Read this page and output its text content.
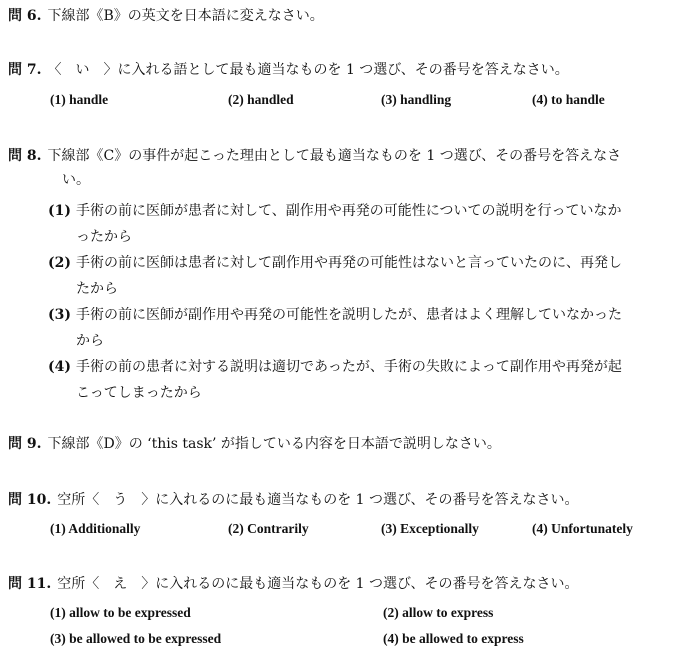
問 6. 下線部《B》の英文を日本語に変えなさい。
問 7. 〈　い　〉に入れる語として最も適当なものを 1 つ選び、その番号を答えなさい。
(1) handle	(2) handled	(3) handling	(4) to handle
問 8. 下線部《C》の事件が起こった理由として最も適当なものを 1 つ選び、その番号を答えなさ
い。
(1) 手術の前に医師が患者に対して、副作用や再発の可能性についての説明を行っていなか
ったから
(2) 手術の前に医師は患者に対して副作用や再発の可能性はないと言っていたのに、再発し
たから
(3) 手術の前に医師が副作用や再発の可能性を説明したが、患者はよく理解していなかった
から
(4) 手術の前の患者に対する説明は適切であったが、手術の失敗によって副作用や再発が起
こってしまったから
問 9. 下線部《D》の ‘this task’ が指している内容を日本語で説明しなさい。
問 10. 空所〈　う　〉に入れるのに最も適当なものを 1 つ選び、その番号を答えなさい。
(1) Additionally	(2) Contrarily	(3) Exceptionally	(4) Unfortunately
問 11. 空所〈　え　〉に入れるのに最も適当なものを 1 つ選び、その番号を答えなさい。
(1) allow to be expressed	(2) allow to express
(3) be allowed to be expressed	(4) be allowed to express
